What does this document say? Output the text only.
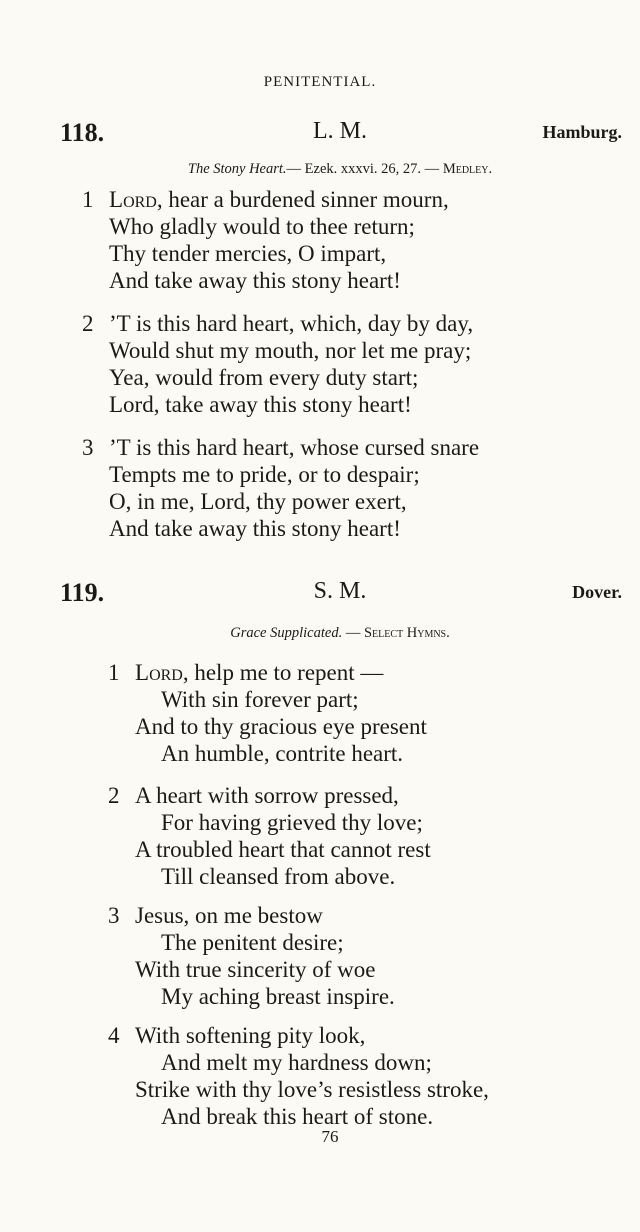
PENITENTIAL.
118.	L. M.	Hamburg.
The Stony Heart.— Ezek. xxxvi. 26, 27. — Medley.
1 Lord, hear a burdened sinner mourn,
Who gladly would to thee return;
Thy tender mercies, O impart,
And take away this stony heart!
2 ’T is this hard heart, which, day by day,
Would shut my mouth, nor let me pray;
Yea, would from every duty start;
Lord, take away this stony heart!
3 ’T is this hard heart, whose cursed snare
Tempts me to pride, or to despair;
O, in me, Lord, thy power exert,
And take away this stony heart!
119.	S. M.	Dover.
Grace Supplicated. — Select Hymns.
1 Lord, help me to repent —
With sin forever part;
And to thy gracious eye present
An humble, contrite heart.
2 A heart with sorrow pressed,
For having grieved thy love;
A troubled heart that cannot rest
Till cleansed from above.
3 Jesus, on me bestow
The penitent desire;
With true sincerity of woe
My aching breast inspire.
4 With softening pity look,
And melt my hardness down;
Strike with thy love’s resistless stroke,
And break this heart of stone.
76
